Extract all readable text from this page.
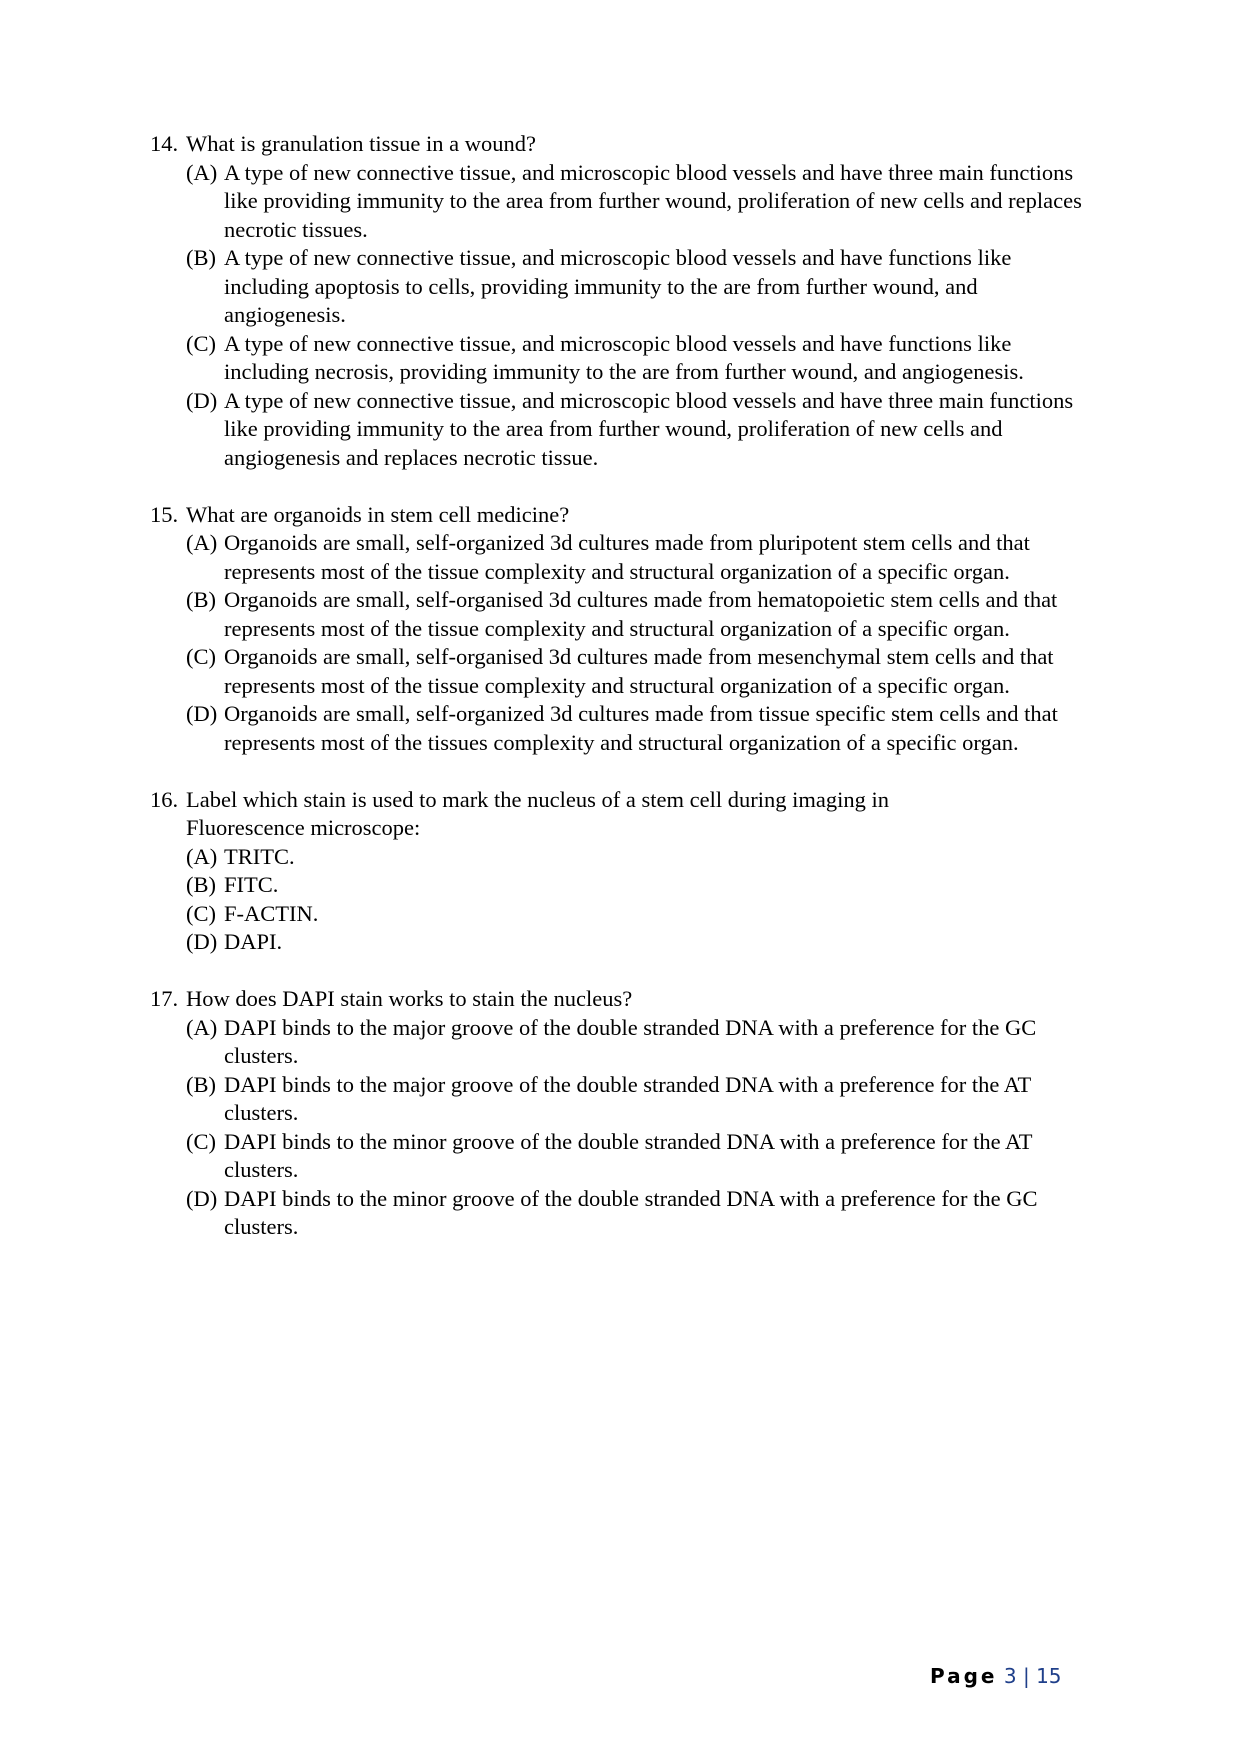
14. What is granulation tissue in a wound?
(A) A type of new connective tissue, and microscopic blood vessels and have three main functions like providing immunity to the area from further wound, proliferation of new cells and replaces necrotic tissues.
(B) A type of new connective tissue, and microscopic blood vessels and have functions like including apoptosis to cells, providing immunity to the are from further wound, and angiogenesis.
(C) A type of new connective tissue, and microscopic blood vessels and have functions like including necrosis, providing immunity to the are from further wound, and angiogenesis.
(D) A type of new connective tissue, and microscopic blood vessels and have three main functions like providing immunity to the area from further wound, proliferation of new cells and angiogenesis and replaces necrotic tissue.
15. What are organoids in stem cell medicine?
(A) Organoids are small, self-organized 3d cultures made from pluripotent stem cells and that represents most of the tissue complexity and structural organization of a specific organ.
(B) Organoids are small, self-organised 3d cultures made from hematopoietic stem cells and that represents most of the tissue complexity and structural organization of a specific organ.
(C) Organoids are small, self-organised 3d cultures made from mesenchymal stem cells and that represents most of the tissue complexity and structural organization of a specific organ.
(D) Organoids are small, self-organized 3d cultures made from tissue specific stem cells and that represents most of the tissues complexity and structural organization of a specific organ.
16. Label which stain is used to mark the nucleus of a stem cell during imaging in
Fluorescence microscope:
(A) TRITC.
(B) FITC.
(C) F-ACTIN.
(D) DAPI.
17. How does DAPI stain works to stain the nucleus?
(A) DAPI binds to the major groove of the double stranded DNA with a preference for the GC clusters.
(B) DAPI binds to the major groove of the double stranded DNA with a preference for the AT clusters.
(C) DAPI binds to the minor groove of the double stranded DNA with a preference for the AT clusters.
(D) DAPI binds to the minor groove of the double stranded DNA with a preference for the GC clusters.
Page 3 | 15
